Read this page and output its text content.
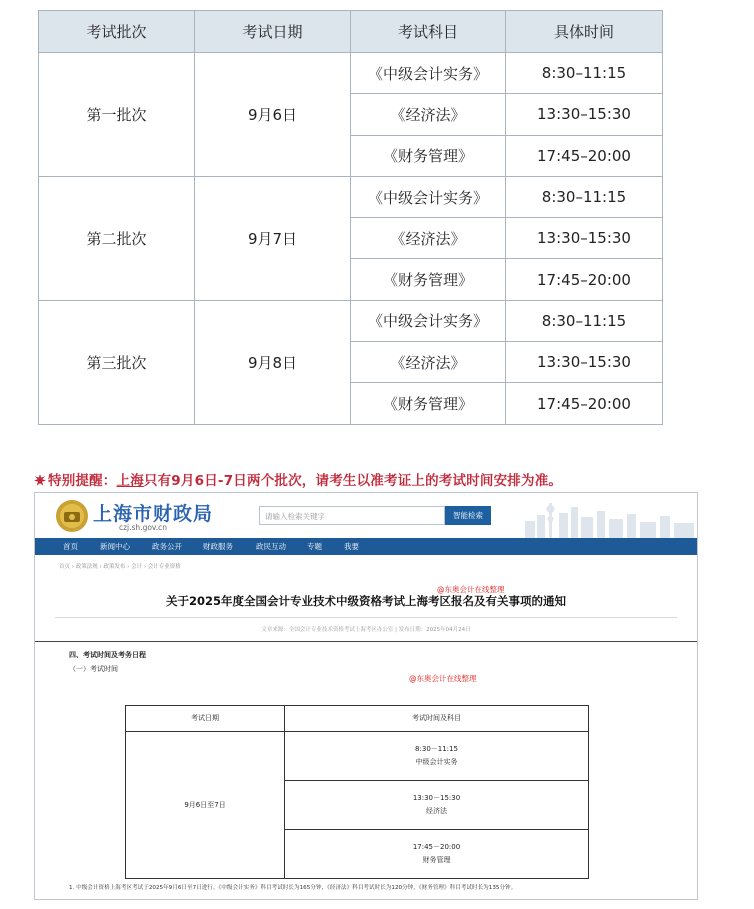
考试批次	考试日期	考试科目	具体时间
第一批次	9月6日	《中级会计实务》	8:30–11:15
		《经济法》	13:30–15:30
		《财务管理》	17:45–20:00
第二批次	9月7日	《中级会计实务》	8:30–11:15
		《经济法》	13:30–15:30
		《财务管理》	17:45–20:00
第三批次	9月8日	《中级会计实务》	8:30–11:15
		《经济法》	13:30–15:30
		《财务管理》	17:45–20:00
特别提醒：上海只有9月6日-7日两个批次，请考生以准考证上的考试时间安排为准。
上海市财政局
czj.sh.gov.cn
请输入检索关键字	智能检索
首页	新闻中心	政务公开	财政服务	政民互动	专题	我要
首页 › 政策法规 › 政策发布 › 会计 › 会计专业资格
@东奥会计在线整理
关于2025年度全国会计专业技术中级资格考试上海考区报名及有关事项的通知
文章来源：全国会计专业技术资格考试上海考区办公室 | 发布日期：2025年04月24日
四、考试时间及考务日程
（一）考试时间
@东奥会计在线整理
考试日期	考试时间及科目
9月6日至7日	8:30－11:15
中级会计实务

	13:30－15:30
经济法

	17:45－20:00
财务管理
1. 中级会计资格上海考区考试于2025年9月6日至7日进行。《中级会计实务》科目考试时长为165分钟，《经济法》科目考试时长为120分钟，《财务管理》科目考试时长为135分钟。
